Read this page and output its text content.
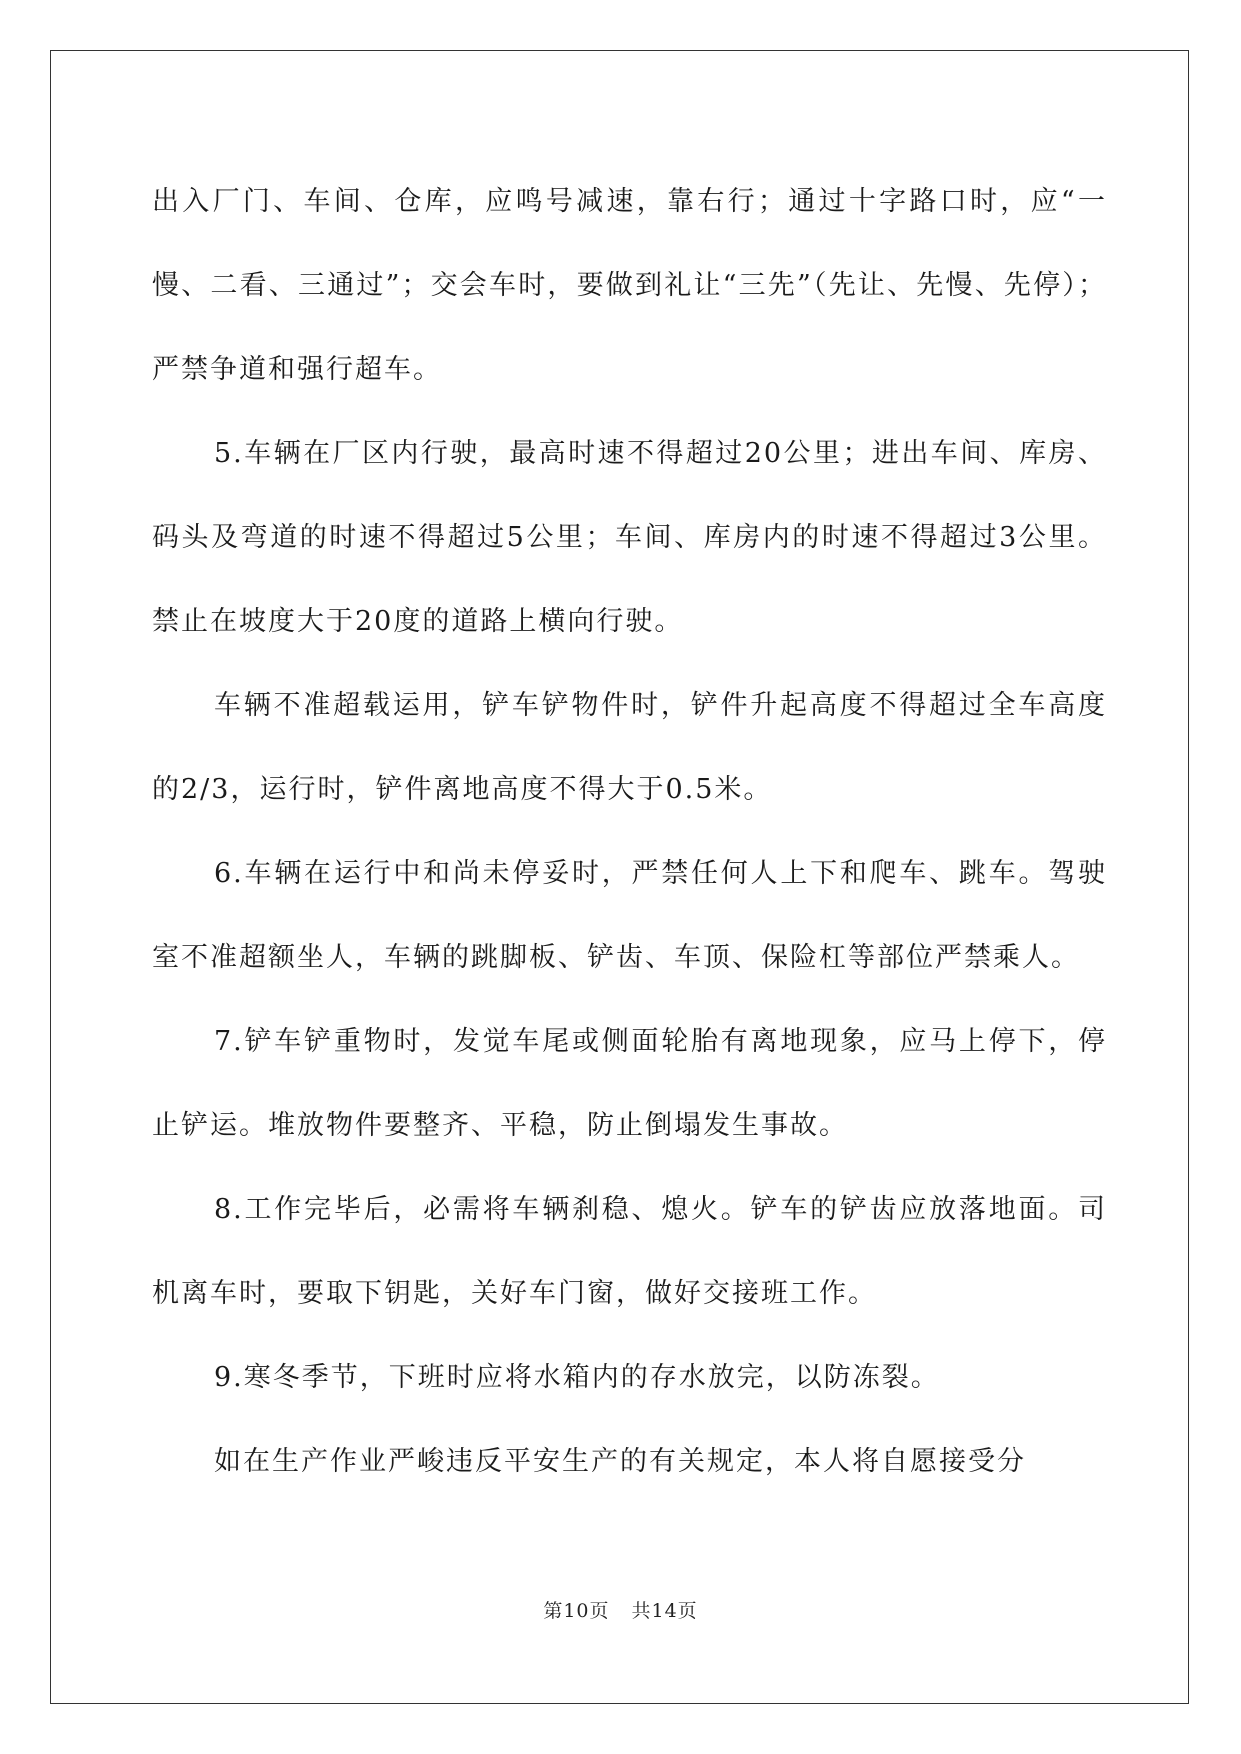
出入厂门、车间、仓库，应鸣号减速，靠右行；通过十字路口时，应“一慢、二看、三通过”；交会车时，要做到礼让“三先”（先让、先慢、先停）；严禁争道和强行超车。

5.车辆在厂区内行驶，最高时速不得超过20公里；进出车间、库房、码头及弯道的时速不得超过5公里；车间、库房内的时速不得超过3公里。禁止在坡度大于20度的道路上横向行驶。

车辆不准超载运用，铲车铲物件时，铲件升起高度不得超过全车高度的2/3，运行时，铲件离地高度不得大于0.5米。

6.车辆在运行中和尚未停妥时，严禁任何人上下和爬车、跳车。驾驶室不准超额坐人，车辆的跳脚板、铲齿、车顶、保险杠等部位严禁乘人。

7.铲车铲重物时，发觉车尾或侧面轮胎有离地现象，应马上停下，停止铲运。堆放物件要整齐、平稳，防止倒塌发生事故。

8.工作完毕后，必需将车辆刹稳、熄火。铲车的铲齿应放落地面。司机离车时，要取下钥匙，关好车门窗，做好交接班工作。

9.寒冬季节，下班时应将水箱内的存水放完，以防冻裂。

如在生产作业严峻违反平安生产的有关规定，本人将自愿接受分

第10页 共14页
